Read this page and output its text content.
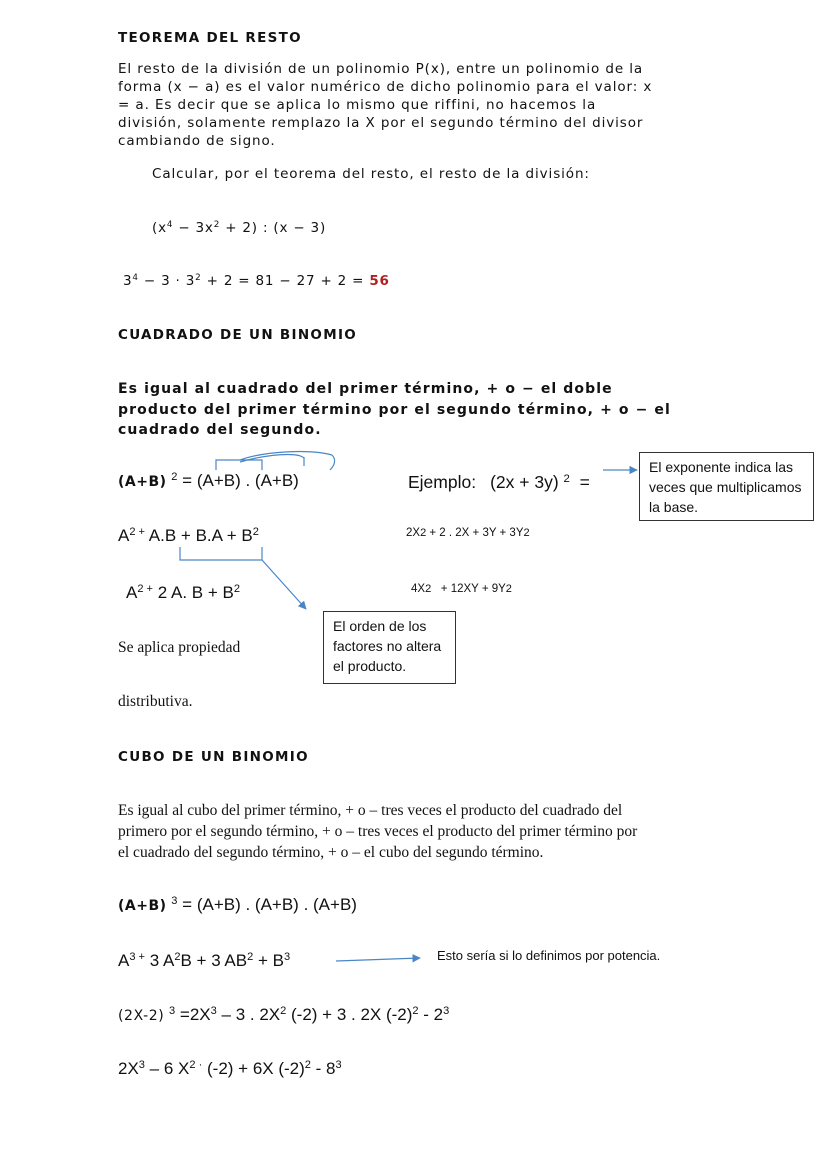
TEOREMA DEL RESTO
El resto de la división de un polinomio P(x), entre un polinomio de la
forma (x − a) es el valor numérico de dicho polinomio para el valor: x
= a. Es decir que se aplica lo mismo que riffini, no hacemos la
división, solamente remplazo la X por el segundo término del divisor
cambiando de signo.
Calcular, por el teorema del resto, el resto de la división:
$(x^4 - 3x^2 + 2)$ : (x − 3)
$3^4 - 3 \cdot 3^2 + 2 = 81 - 27 + 2 = 56$
CUADRADO DE UN BINOMIO
Es igual al cuadrado del primer término, + o − el doble
producto del primer término por el segundo término, + o − el
cuadrado del segundo.
(A+B) $^2$ = (A+B) . (A+B)	Ejemplo: (2x + 3y) $^2$ =
El exponente indica las veces que multiplicamos la base.
$A^{2 +}$ $A.B + B.A + B^2$	2X2 + 2 . 2X + 3Y + 3Y2
$A^{2 +}$ 2 A. $B + B^2$	4X2   + 12XY + 9Y2
El orden de los factores no altera el producto.
Se aplica propiedad
distributiva.
CUBO DE UN BINOMIO
Es igual al cubo del primer término, + o – tres veces el producto del cuadrado del
primero por el segundo término, + o – tres veces el producto del primer término por
el cuadrado del segundo término, + o – el cubo del segundo término.
(A+B) $^3$ = (A+B) . (A+B) . (A+B)
$A^{3 +}$ 3 $A^2B + 3$ $AB^2 + B^3$	Esto sería si lo definimos por potencia.
(2X-2) $^3 =2X^3 - 3$ . $2X^2$ (-2) + 3 . 2X $(-2)^2 - 2^3$
$2X^3 - 6$ $X^{2 \cdot}$ (-2) + 6X $(-2)^2 - 8^3$
